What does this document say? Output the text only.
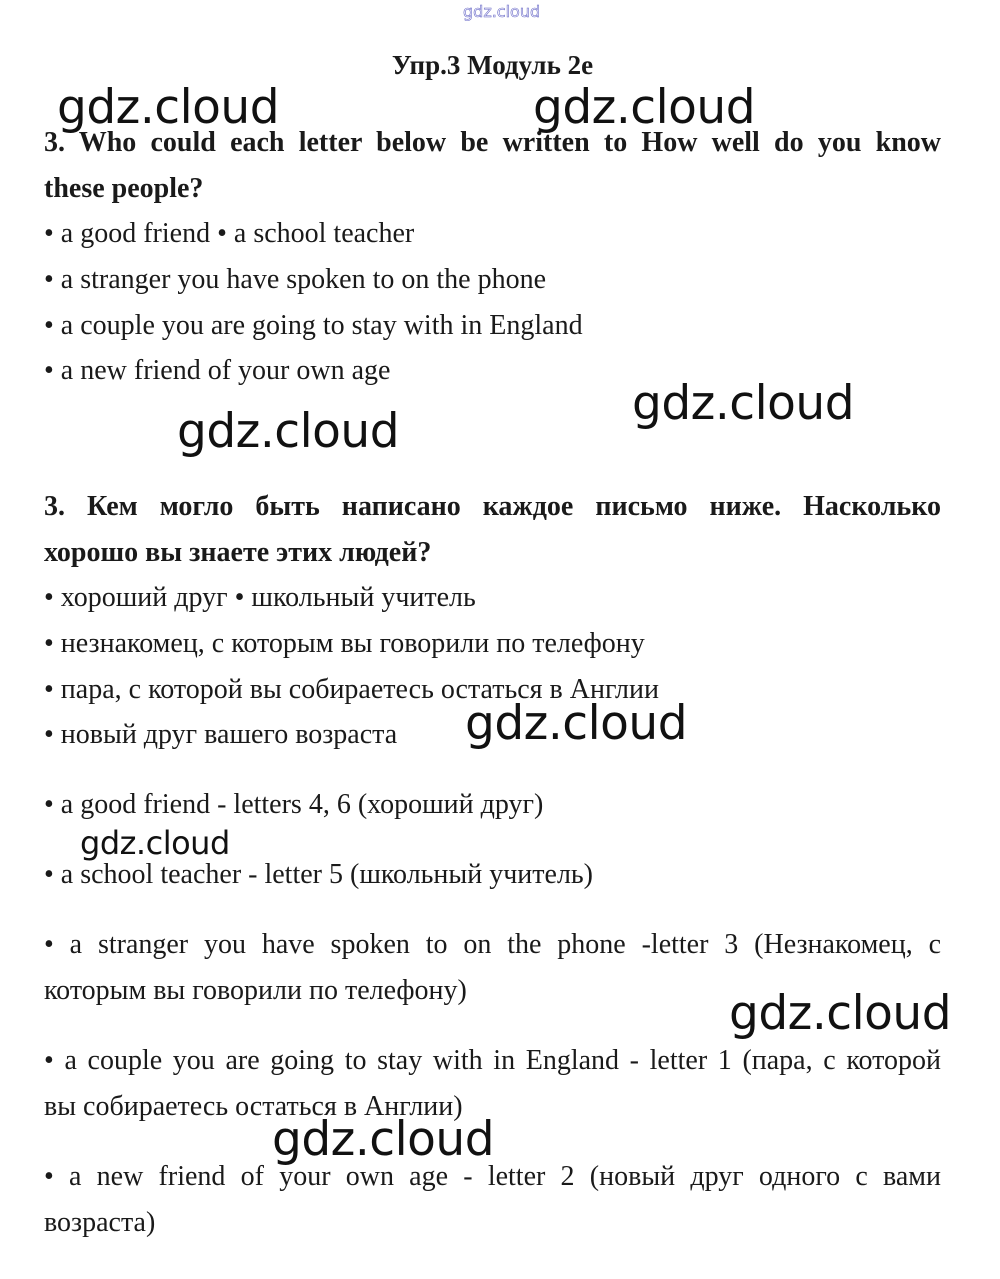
gdz.cloud
Упр.3 Модуль 2е
3. Who could each letter below be written to How well do you know
these people?
• a good friend • a school teacher
• a stranger you have spoken to on the phone
• a couple you are going to stay with in England
• a new friend of your own age
3. Кем могло быть написано каждое письмо ниже. Насколько
хорошо вы знаете этих людей?
• хороший друг • школьный учитель
• незнакомец, с которым вы говорили по телефону
• пара, с которой вы собираетесь остаться в Англии
• новый друг вашего возраста
• a good friend - letters 4, 6 (хороший друг)
• a school teacher - letter 5 (школьный учитель)
• a stranger you have spoken to on the phone -letter 3 (Незнакомец, с
которым вы говорили по телефону)
• a couple you are going to stay with in England - letter 1 (пара, с которой
вы собираетесь остаться в Англии)
• a new friend of your own age - letter 2 (новый друг одного с вами
возраста)
gdz.cloud	gdz.cloud
gdz.cloud
gdz.cloud
gdz.cloud
gdz.cloud
gdz.cloud
gdz.cloud
